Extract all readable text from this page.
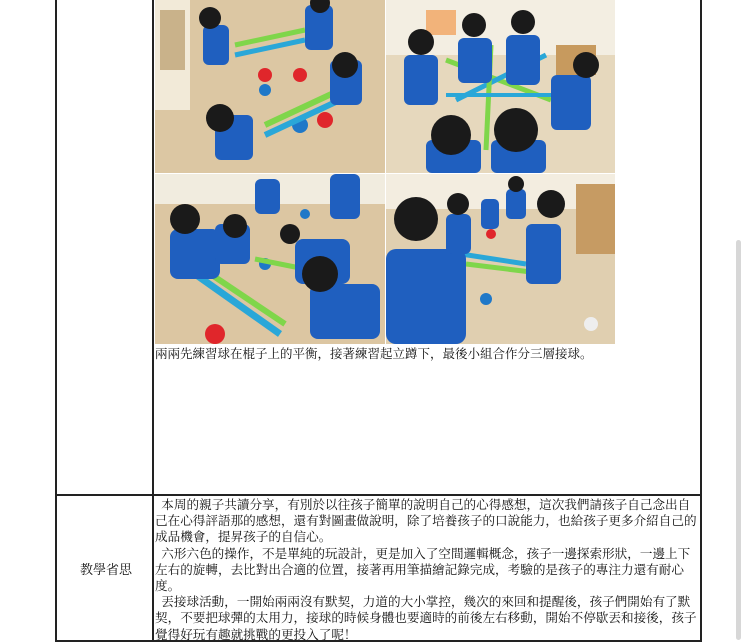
兩兩先練習球在棍子上的平衡，接著練習起立蹲下，最後小組合作分三層接球。
教學省思

本周的親子共讀分享，有別於以往孩子簡單的說明自己的心得感想，這次我們請孩子自己念出自己在心得評語那的感想，還有對圖畫做說明，除了培養孩子的口說能力，也給孩子更多介紹自己的成品機會，提昇孩子的自信心。

六形六色的操作，不是單純的玩設計，更是加入了空間邏輯概念，孩子一邊探索形狀，一邊上下左右的旋轉，去比對出合適的位置，接著再用筆描繪記錄完成，考驗的是孩子的專注力還有耐心度。

丟接球活動，一開始兩兩沒有默契，力道的大小掌控，幾次的來回和提醒後，孩子們開始有了默契，不要把球彈的太用力，接球的時候身體也要適時的前後左右移動，開始不停歇丟和接後，孩子覺得好玩有趣就挑戰的更投入了呢！
